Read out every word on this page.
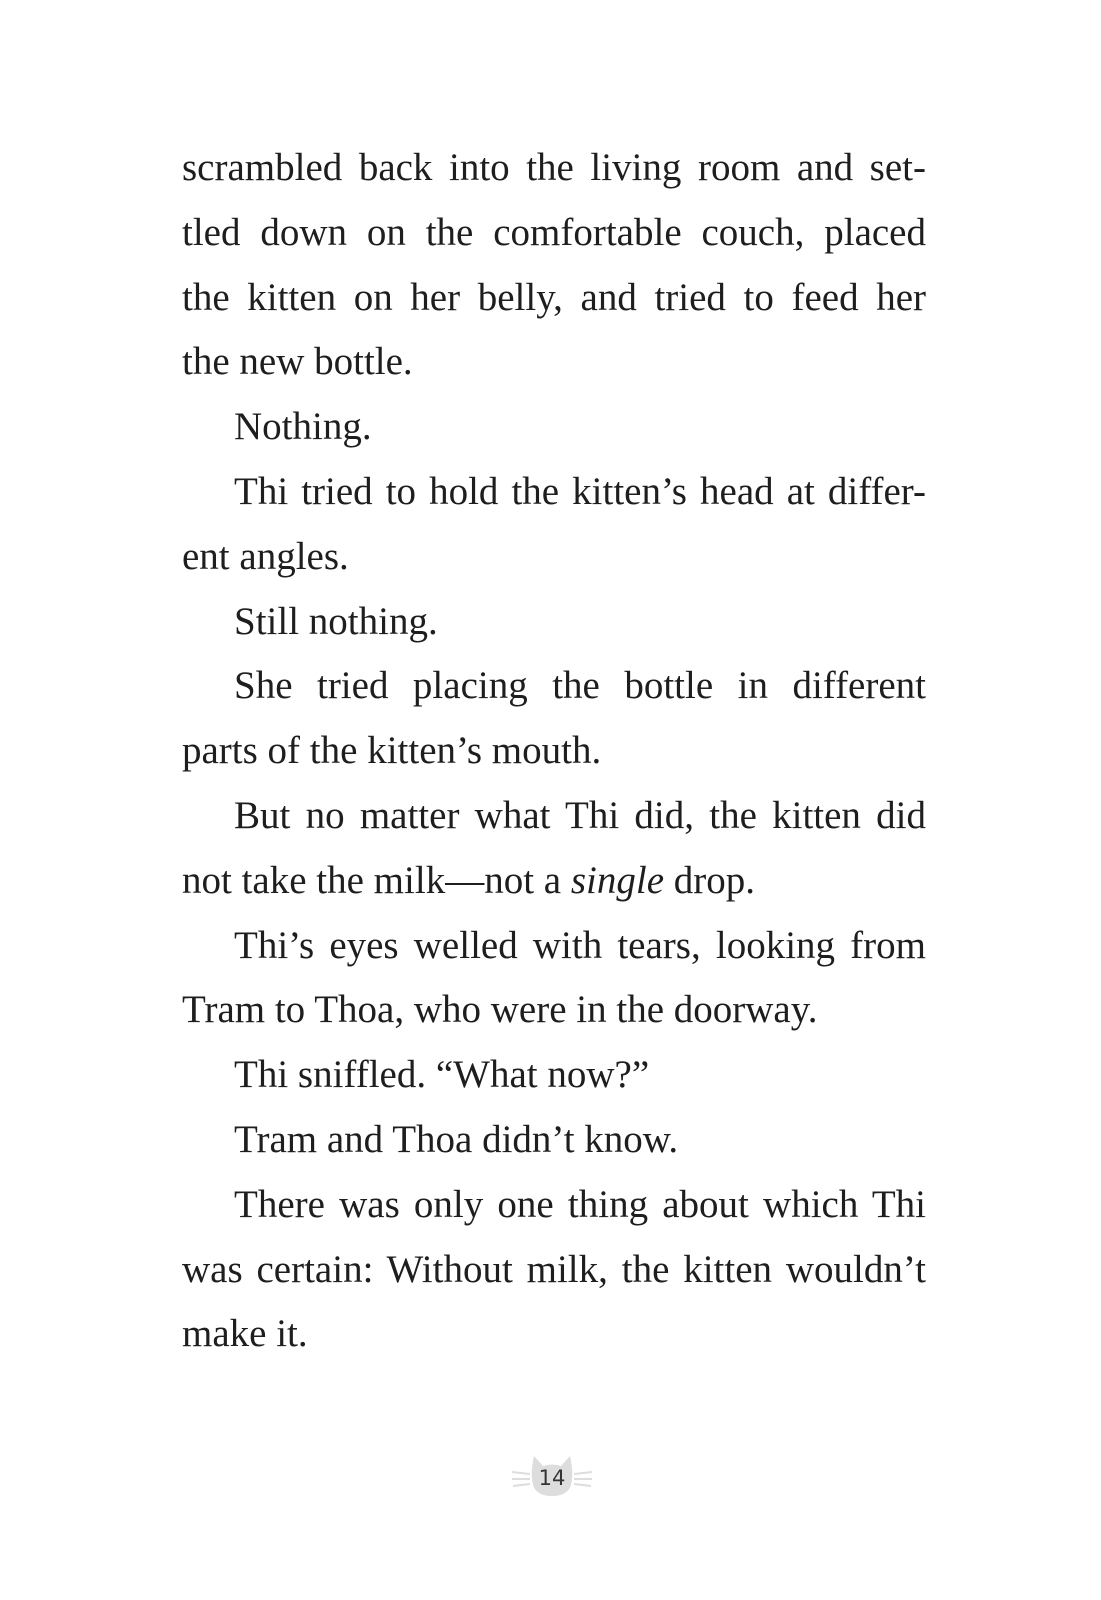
scrambled back into the living room and set-
tled down on the comfortable couch, placed
the kitten on her belly, and tried to feed her
the new bottle.
Nothing.
Thi tried to hold the kitten’s head at differ-
ent angles.
Still nothing.
She tried placing the bottle in different
parts of the kitten’s mouth.
But no matter what Thi did, the kitten did
not take the milk—not a single drop.
Thi’s eyes welled with tears, looking from
Tram to Thoa, who were in the doorway.
Thi sniffled. “What now?”
Tram and Thoa didn’t know.
There was only one thing about which Thi
was certain: Without milk, the kitten wouldn’t
make it.
14
